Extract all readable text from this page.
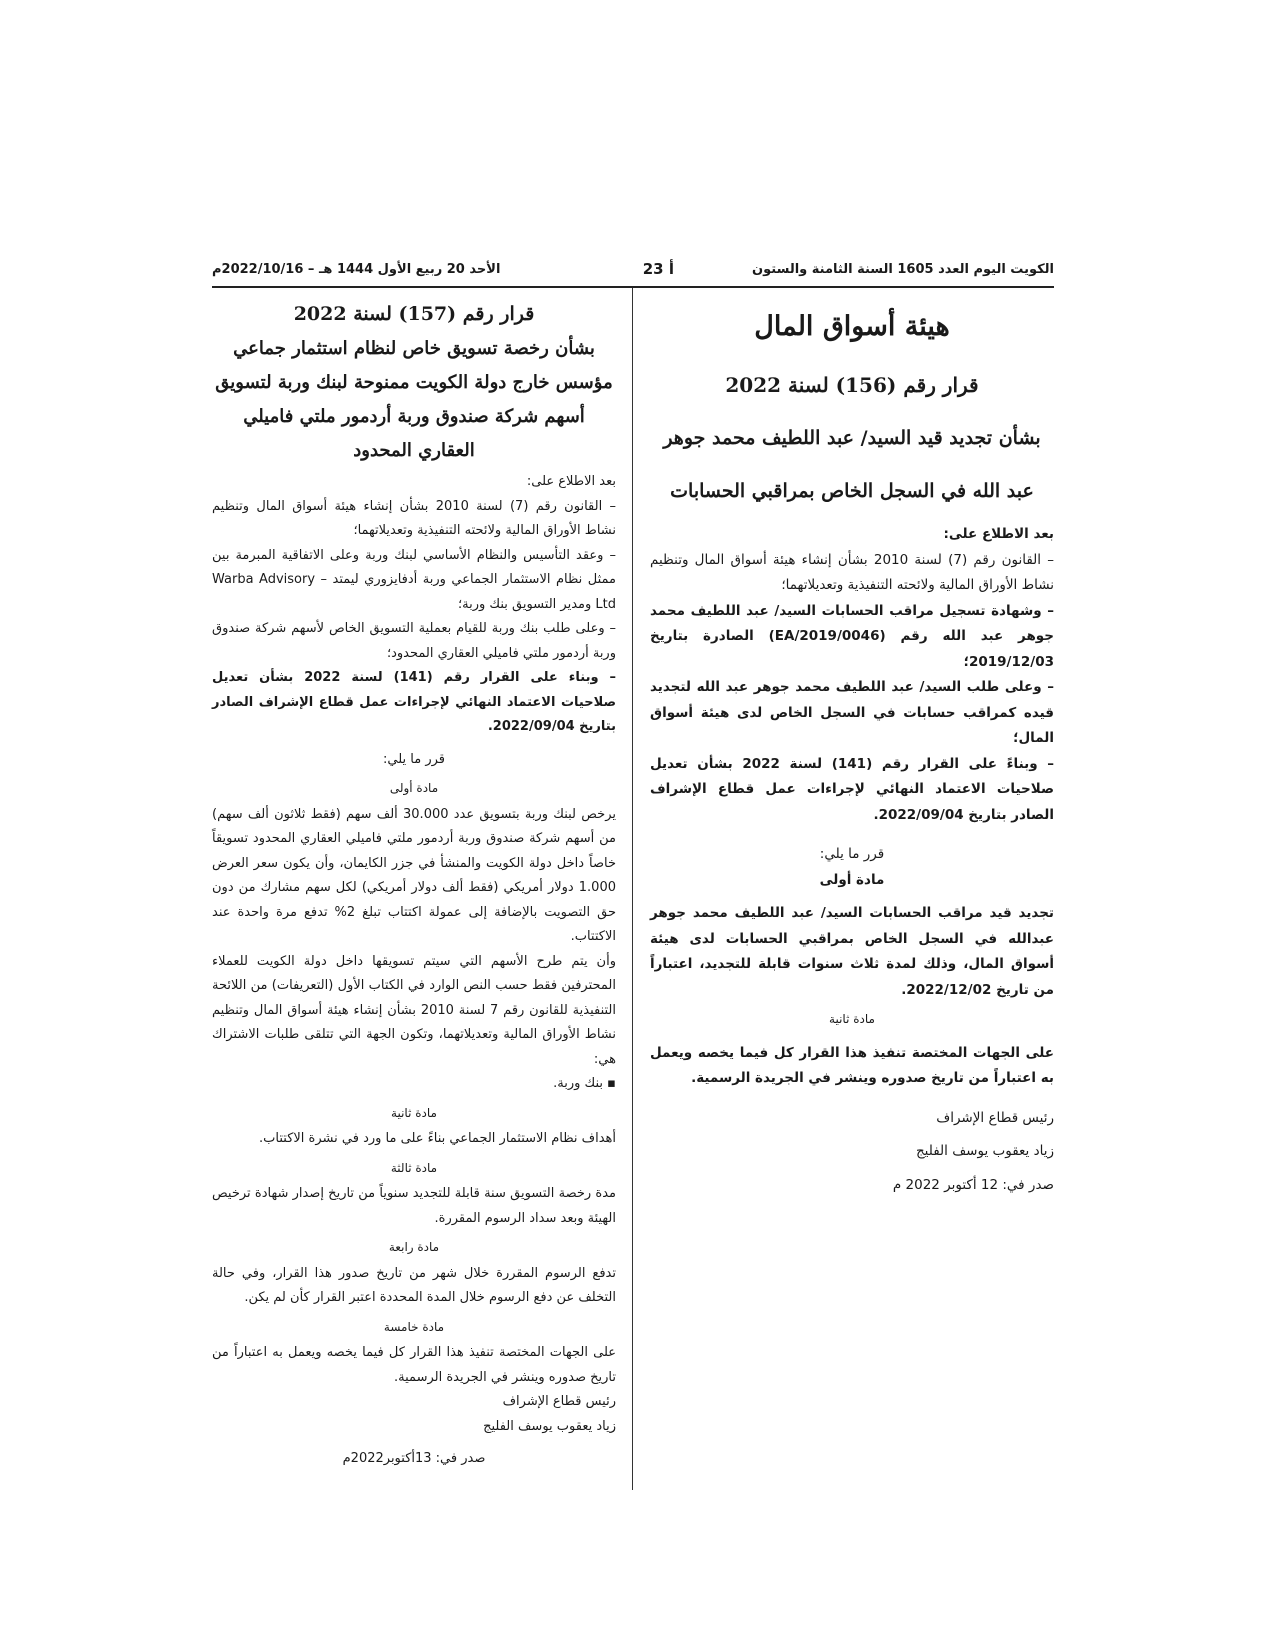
الكويت اليوم العدد 1605 السنة الثامنة والستون
أ 23
الأحد 20 ربيع الأول 1444 هـ – 2022/10/16م

هيئة أسواق المال

قرار رقم (156) لسنة 2022

بشأن تجديد قيد السيد/ عبد اللطيف محمد جوهر

عبد الله في السجل الخاص بمراقبي الحسابات

بعد الاطلاع على:

– القانون رقم (7) لسنة 2010 بشأن إنشاء هيئة أسواق المال وتنظيم نشاط الأوراق المالية ولائحته التنفيذية وتعديلاتهما؛

– وشهادة تسجيل مراقب الحسابات السيد/ عبد اللطيف محمد جوهر عبد الله رقم (EA/2019/0046) الصادرة بتاريخ 2019/12/03؛

– وعلى طلب السيد/ عبد اللطيف محمد جوهر عبد الله لتجديد قيده كمراقب حسابات في السجل الخاص لدى هيئة أسواق المال؛

– وبناءً على القرار رقم (141) لسنة 2022 بشأن تعديل صلاحيات الاعتماد النهائي لإجراءات عمل قطاع الإشراف الصادر بتاريخ 2022/09/04.

قرر ما يلي:

مادة أولى

تجديد قيد مراقب الحسابات السيد/ عبد اللطيف محمد جوهر عبدالله في السجل الخاص بمراقبي الحسابات لدى هيئة أسواق المال، وذلك لمدة ثلاث سنوات قابلة للتجديد، اعتباراً من تاريخ 2022/12/02.

مادة ثانية

على الجهات المختصة تنفيذ هذا القرار كل فيما يخصه ويعمل به اعتباراً من تاريخ صدوره وينشر في الجريدة الرسمية.

رئيس قطاع الإشراف

زياد يعقوب يوسف الفليج

صدر في: 12 أكتوبر 2022 م

قرار رقم (157) لسنة 2022

بشأن رخصة تسويق خاص لنظام استثمار جماعي مؤسس خارج دولة الكويت ممنوحة لبنك وربة لتسويق أسهم شركة صندوق وربة أردمور ملتي فاميلي العقاري المحدود

بعد الاطلاع على:

– القانون رقم (7) لسنة 2010 بشأن إنشاء هيئة أسواق المال وتنظيم نشاط الأوراق المالية ولائحته التنفيذية وتعديلاتهما؛

– وعقد التأسيس والنظام الأساسي لبنك وربة وعلى الاتفاقية المبرمة بين ممثل نظام الاستثمار الجماعي وربة أدفايزوري ليمتد – Warba Advisory Ltd ومدير التسويق بنك وربة؛

– وعلى طلب بنك وربة للقيام بعملية التسويق الخاص لأسهم شركة صندوق وربة أردمور ملتي فاميلي العقاري المحدود؛

– وبناء على القرار رقم (141) لسنة 2022 بشأن تعديل صلاحيات الاعتماد النهائي لإجراءات عمل قطاع الإشراف الصادر بتاريخ 2022/09/04.

قرر ما يلي:

مادة أولى

يرخص لبنك وربة بتسويق عدد 30.000 ألف سهم (فقط ثلاثون ألف سهم) من أسهم شركة صندوق وربة أردمور ملتي فاميلي العقاري المحدود تسويقاً خاصاً داخل دولة الكويت والمنشأ في جزر الكايمان، وأن يكون سعر العرض 1.000 دولار أمريكي (فقط ألف دولار أمريكي) لكل سهم مشارك من دون حق التصويت بالإضافة إلى عمولة اكتتاب تبلغ 2% تدفع مرة واحدة عند الاكتتاب.

وأن يتم طرح الأسهم التي سيتم تسويقها داخل دولة الكويت للعملاء المحترفين فقط حسب النص الوارد في الكتاب الأول (التعريفات) من اللائحة التنفيذية للقانون رقم 7 لسنة 2010 بشأن إنشاء هيئة أسواق المال وتنظيم نشاط الأوراق المالية وتعديلاتهما، وتكون الجهة التي تتلقى طلبات الاشتراك هي:

▪ بنك وربة.

مادة ثانية

أهداف نظام الاستثمار الجماعي بناءً على ما ورد في نشرة الاكتتاب.

مادة ثالثة

مدة رخصة التسويق سنة قابلة للتجديد سنوياً من تاريخ إصدار شهادة ترخيص الهيئة وبعد سداد الرسوم المقررة.

مادة رابعة

تدفع الرسوم المقررة خلال شهر من تاريخ صدور هذا القرار، وفي حالة التخلف عن دفع الرسوم خلال المدة المحددة اعتبر القرار كأن لم يكن.

مادة خامسة

على الجهات المختصة تنفيذ هذا القرار كل فيما يخصه ويعمل به اعتباراً من تاريخ صدوره وينشر في الجريدة الرسمية.

رئيس قطاع الإشراف

زياد يعقوب يوسف الفليج

صدر في: 13أكتوبر2022م
